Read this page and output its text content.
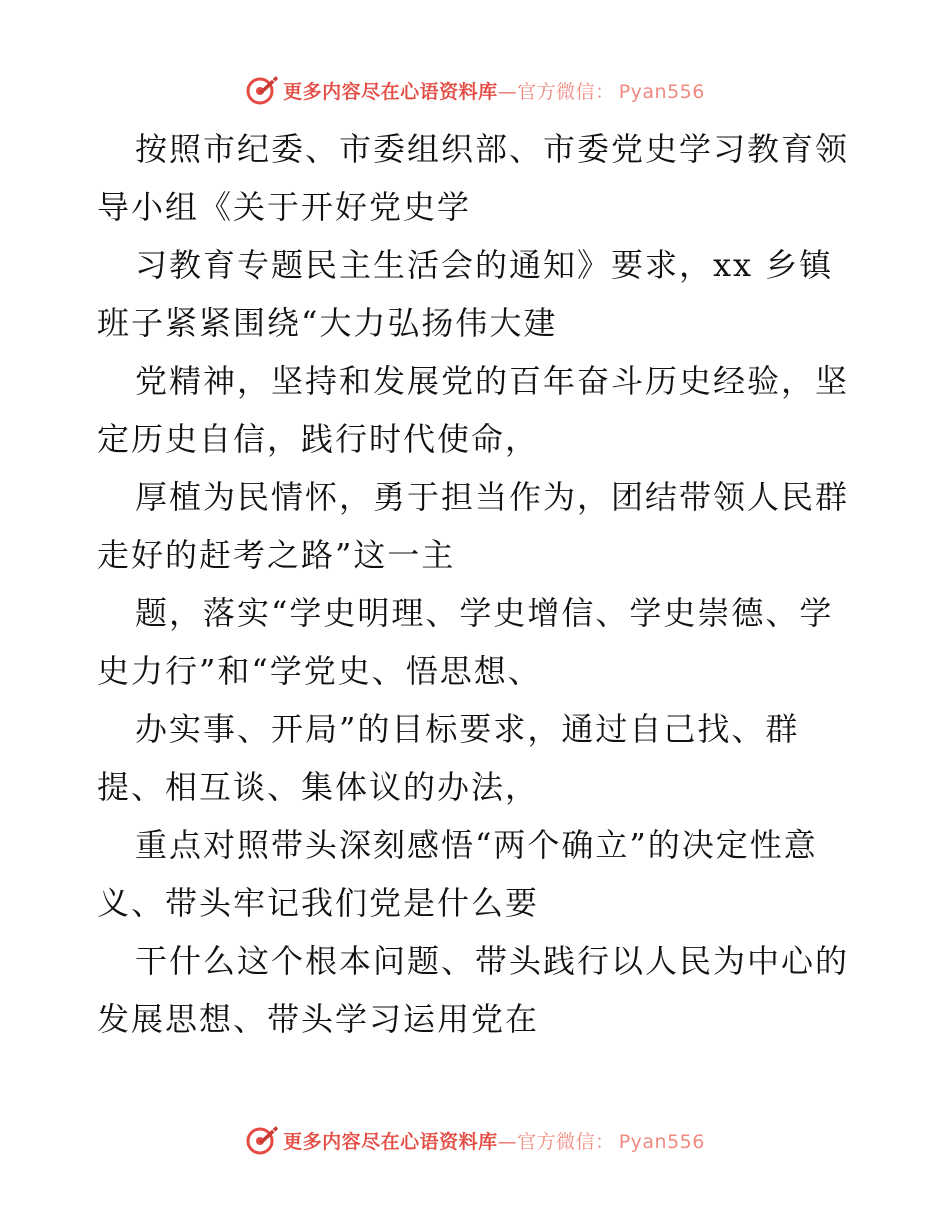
更多内容尽在心语资料库—官方微信： Pyan556

按照市纪委、市委组织部、市委党史学习教育领
导小组《关于开好党史学

习教育专题民主生活会的通知》要求，xx 乡镇
班子紧紧围绕“大力弘扬伟大建

党精神，坚持和发展党的百年奋斗历史经验，坚
定历史自信，践行时代使命，

厚植为民情怀，勇于担当作为，团结带领人民群
走好的赶考之路”这一主

题，落实“学史明理、学史增信、学史崇德、学
史力行”和“学党史、悟思想、

办实事、开局”的目标要求，通过自己找、群
提、相互谈、集体议的办法，

重点对照带头深刻感悟“两个确立”的决定性意
义、带头牢记我们党是什么要

干什么这个根本问题、带头践行以人民为中心的
发展思想、带头学习运用党在

更多内容尽在心语资料库—官方微信： Pyan556
